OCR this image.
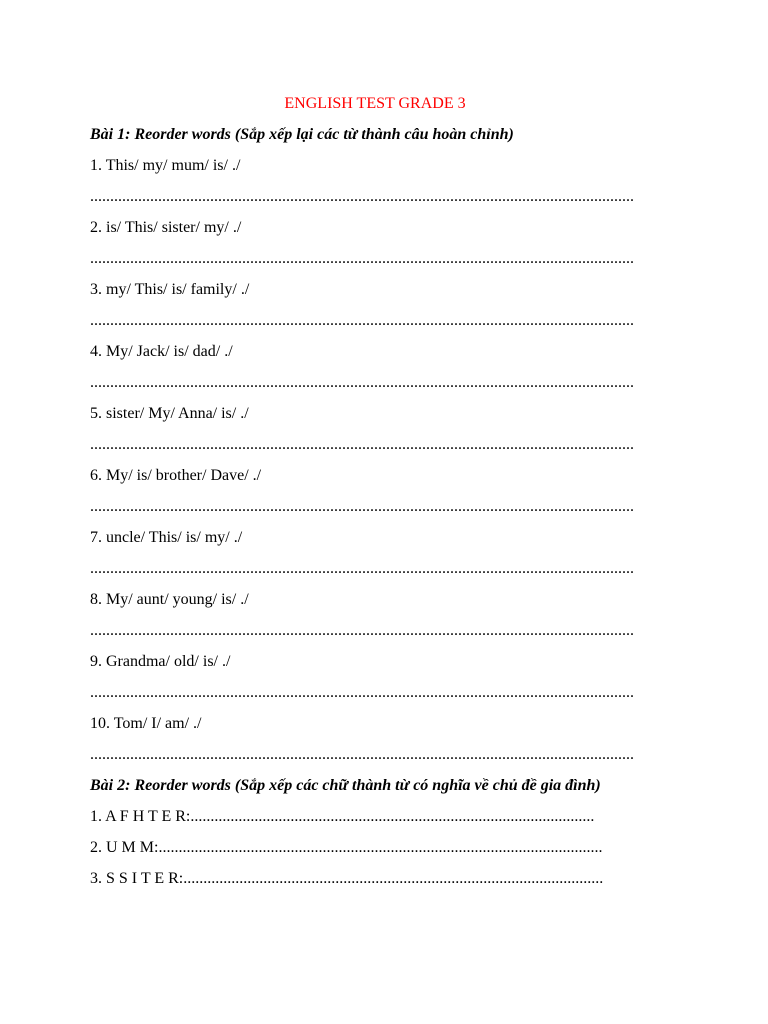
ENGLISH TEST GRADE 3
Bài 1: Reorder words (Sắp xếp lại các từ thành câu hoàn chỉnh)
1. This/ my/ mum/ is/ ./
........................................................................................................................................
2. is/ This/ sister/ my/ ./
........................................................................................................................................
3. my/ This/ is/ family/ ./
........................................................................................................................................
4. My/ Jack/ is/ dad/ ./
........................................................................................................................................
5. sister/ My/ Anna/ is/ ./
........................................................................................................................................
6. My/ is/ brother/ Dave/ ./
........................................................................................................................................
7. uncle/ This/ is/ my/ ./
........................................................................................................................................
8. My/ aunt/ young/ is/ ./
........................................................................................................................................
9. Grandma/ old/ is/ ./
........................................................................................................................................
10. Tom/ I/ am/ ./
........................................................................................................................................
Bài 2: Reorder words (Sắp xếp các chữ thành từ có nghĩa về chủ đề gia đình)
1. A F H T E R: .....................................................................................................
2. U M M: ...............................................................................................................
3. S S I T E R: .........................................................................................................
